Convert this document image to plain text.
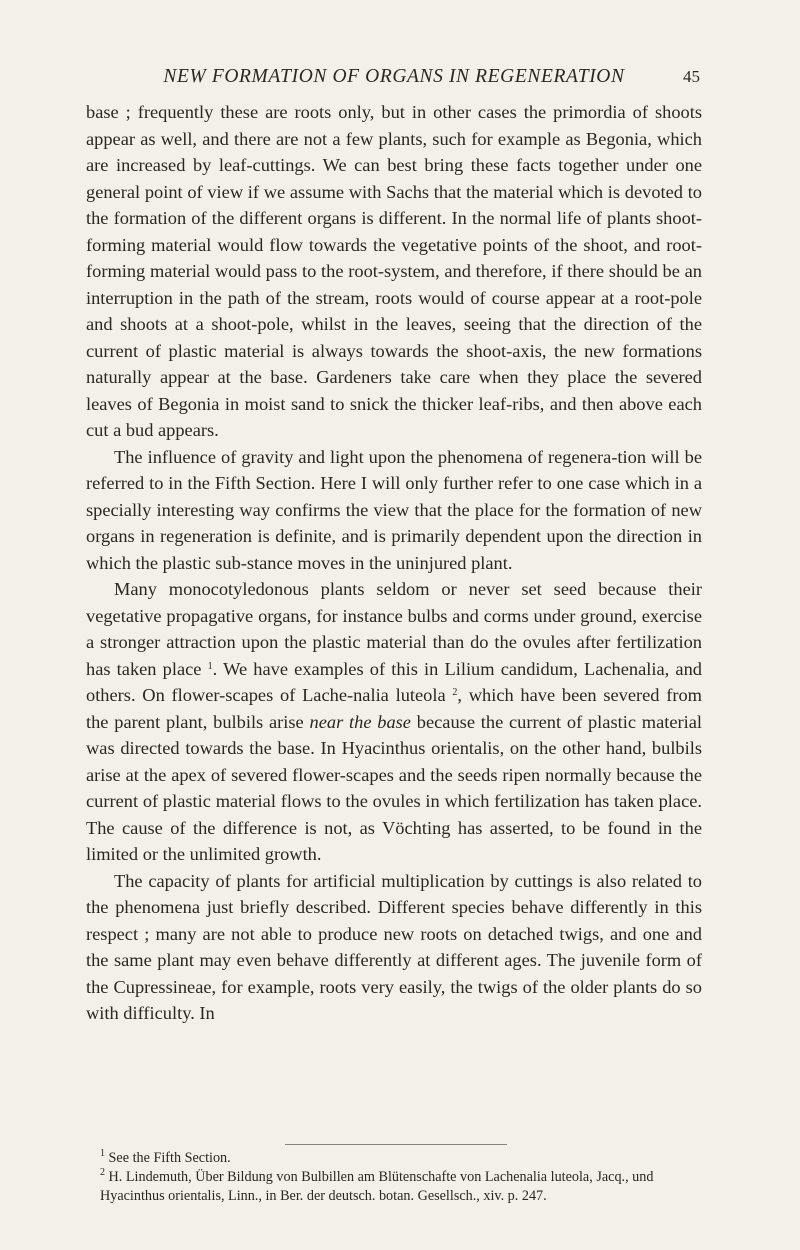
NEW FORMATION OF ORGANS IN REGENERATION	45

base ; frequently these are roots only, but in other cases the primordia of shoots appear as well, and there are not a few plants, such for example as Begonia, which are increased by leaf-cuttings. We can best bring these facts together under one general point of view if we assume with Sachs that the material which is devoted to the formation of the different organs is different. In the normal life of plants shoot-forming material would flow towards the vegetative points of the shoot, and root-forming material would pass to the root-system, and therefore, if there should be an interruption in the path of the stream, roots would of course appear at a root-pole and shoots at a shoot-pole, whilst in the leaves, seeing that the direction of the current of plastic material is always towards the shoot-axis, the new formations naturally appear at the base. Gardeners take care when they place the severed leaves of Begonia in moist sand to snick the thicker leaf-ribs, and then above each cut a bud appears.

The influence of gravity and light upon the phenomena of regenera-tion will be referred to in the Fifth Section. Here I will only further refer to one case which in a specially interesting way confirms the view that the place for the formation of new organs in regeneration is definite, and is primarily dependent upon the direction in which the plastic sub-stance moves in the uninjured plant.

Many monocotyledonous plants seldom or never set seed because their vegetative propagative organs, for instance bulbs and corms under ground, exercise a stronger attraction upon the plastic material than do the ovules after fertilization has taken place $^1$. We have examples of this in Lilium candidum, Lachenalia, and others. On flower-scapes of Lache-nalia luteola $^2$, which have been severed from the parent plant, bulbils arise near the base because the current of plastic material was directed towards the base. In Hyacinthus orientalis, on the other hand, bulbils arise at the apex of severed flower-scapes and the seeds ripen normally because the current of plastic material flows to the ovules in which fertilization has taken place. The cause of the difference is not, as Vöchting has asserted, to be found in the limited or the unlimited growth.

The capacity of plants for artificial multiplication by cuttings is also related to the phenomena just briefly described. Different species behave differently in this respect ; many are not able to produce new roots on detached twigs, and one and the same plant may even behave differently at different ages. The juvenile form of the Cupressineae, for example, roots very easily, the twigs of the older plants do so with difficulty. In

$^1$ See the Fifth Section.

$^2$ H. Lindemuth, Über Bildung von Bulbillen am Blütenschafte von Lachenalia luteola, Jacq., und Hyacinthus orientalis, Linn., in Ber. der deutsch. botan. Gesellsch., xiv. p. 247.
